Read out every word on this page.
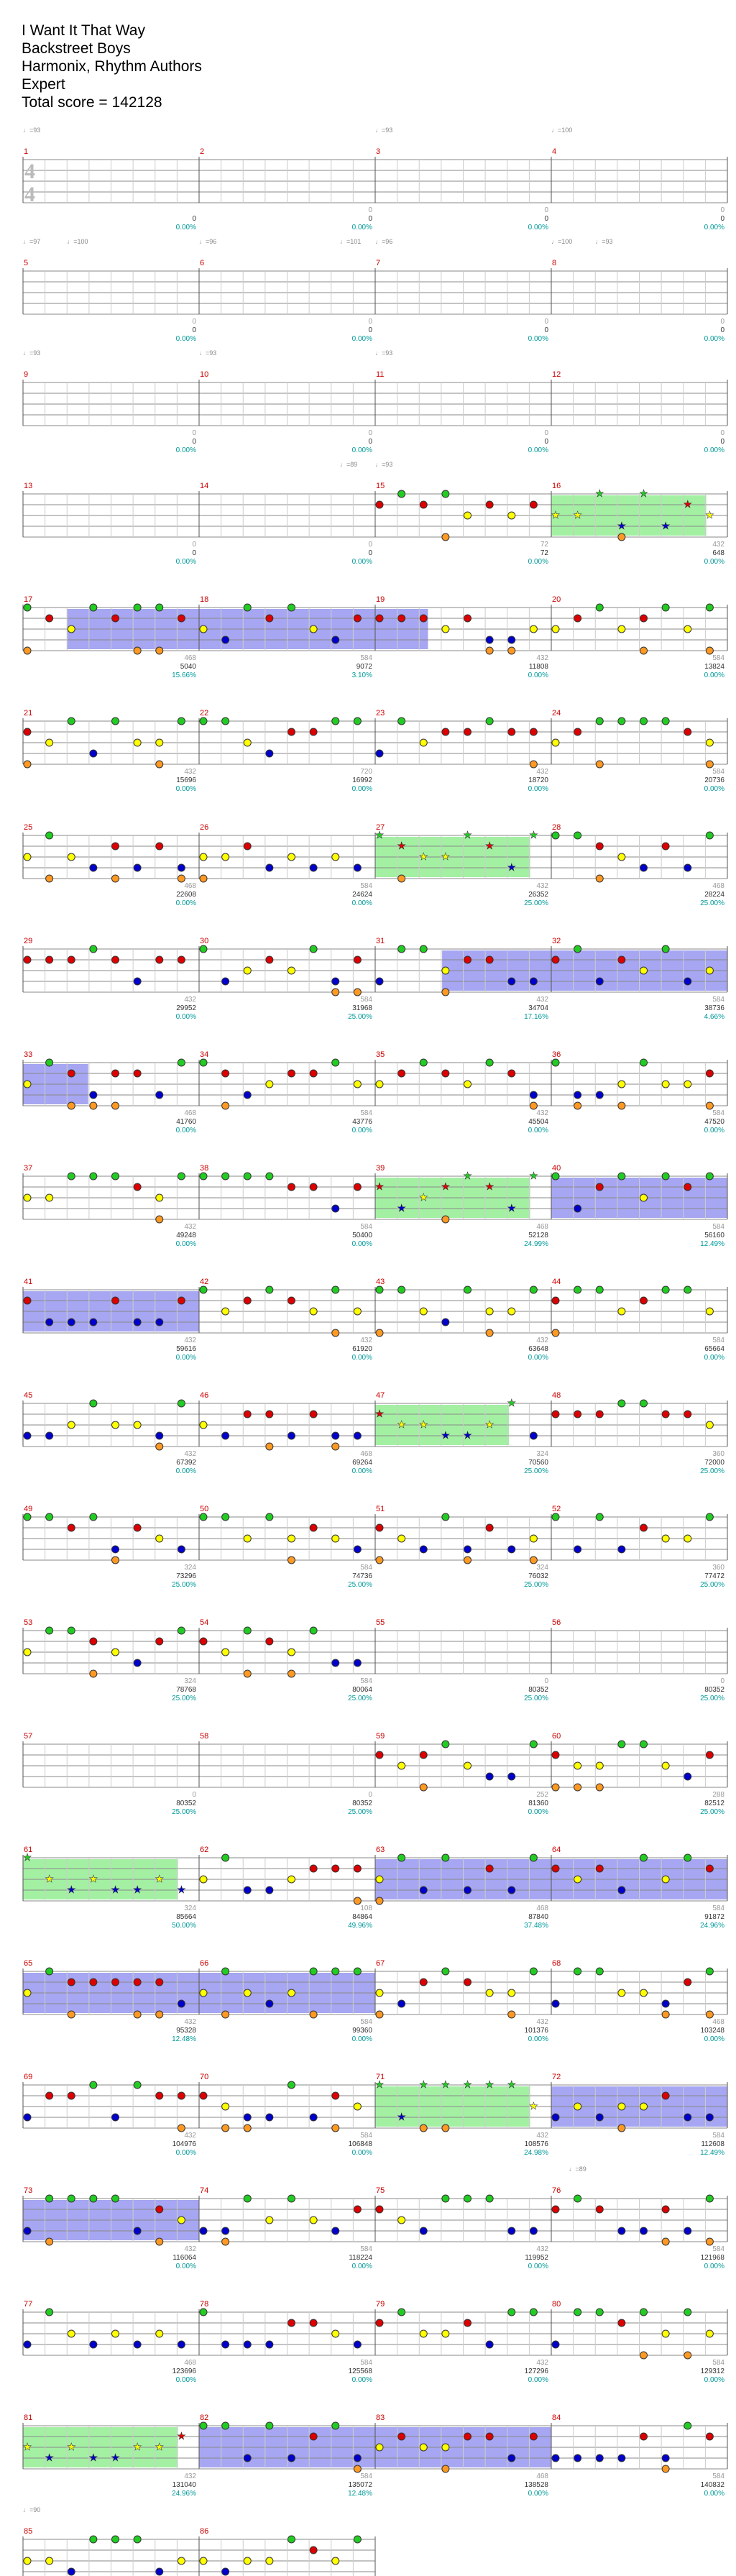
I Want It That Way
Backstreet Boys
Harmonix, Rhythm Authors
Expert
Total score = 142128
4
4
♩=93	♩=93	♩=100
1
0
0.00%
2
0
0
0.00%
3
0
0
0.00%
4
0
0
0.00%
♩=97	♩=100	♩=96	♩=101 ♩=96	♩=100	♩=93
5
0
0
0.00%
6
0
0
0.00%
7
0
0
0.00%
8
0
0
0.00%
♩=93	♩=93	♩=93
9
0
0
0.00%
10
0
0
0.00%
11
0
0
0.00%
12
0
0
0.00%
♩=89	♩=93
13
0
0
0.00%
14
0
0
0.00%
15
72
72
0.00%
16
432
648
0.00%
★ ★
★
★
★
★
★
★
17
468
5040
15.66%
18
584
9072
3.10%
19
432
11808
0.00%
20
584
13824
0.00%
21
432
15696
0.00%
22
720
16992
0.00%
23
432
18720
0.00%
24
584
20736
0.00%
25
468
22608
0.00%
26
584
24624
0.00%
27
432
26352
25.00%
★
★
★ ★
★
★
★
★
28
468
28224
25.00%
29
432
29952
0.00%
30
584
31968
25.00%
31
432
34704
17.16%
32
584
38736
4.66%
33
468
41760
0.00%
34
584
43776
0.00%
35
432
45504
0.00%
36
584
47520
0.00%
37
432
49248
0.00%
38
584
50400
0.00%
39
468
52128
24.99%
★
★
★
★
★
★
★
★
40
584
56160
12.49%
41
432
59616
0.00%
42
432
61920
0.00%
43
432
63648
0.00%
44
584
65664
0.00%
45
432
67392
0.00%
46
468
69264
0.00%
47
324
70560
25.00%
★
★ ★
★ ★
★
★
48
360
72000
25.00%
49
324
73296
25.00%
50
584
74736
25.00%
51
324
76032
25.00%
52
360
77472
25.00%
53
324
78768
25.00%
54
584
80064
25.00%
55
0
80352
25.00%
56
0
80352
25.00%
57
0
80352
25.00%
58
0
80352
25.00%
59
252
81360
0.00%
60
288
82512
25.00%
61
324
85664
50.00%
★
★
★
★
★ ★
★
★
62
108
84864
49.96%
63
468
87840
37.48%
64
584
91872
24.96%
65
432
95328
12.48%
66
584
99360
0.00%
67
432
101376
0.00%
68
468
103248
0.00%
69
432
104976
0.00%
70
584
106848
0.00%
71
432
108576
24.98%
★
★
★ ★ ★ ★ ★
★
72
584
112608
12.49%
♩=89
73
432
116064
0.00%
74
584
118224
0.00%
75
432
119952
0.00%
76
584
121968
0.00%
77
468
123696
0.00%
78
584
125568
0.00%
79
432
127296
0.00%
80
584
129312
0.00%
81
432
131040
24.96%
★
★
★
★ ★
★ ★
★
82
584
135072
12.48%
83
468
138528
0.00%
84
584
140832
0.00%
♩=90
85	86
